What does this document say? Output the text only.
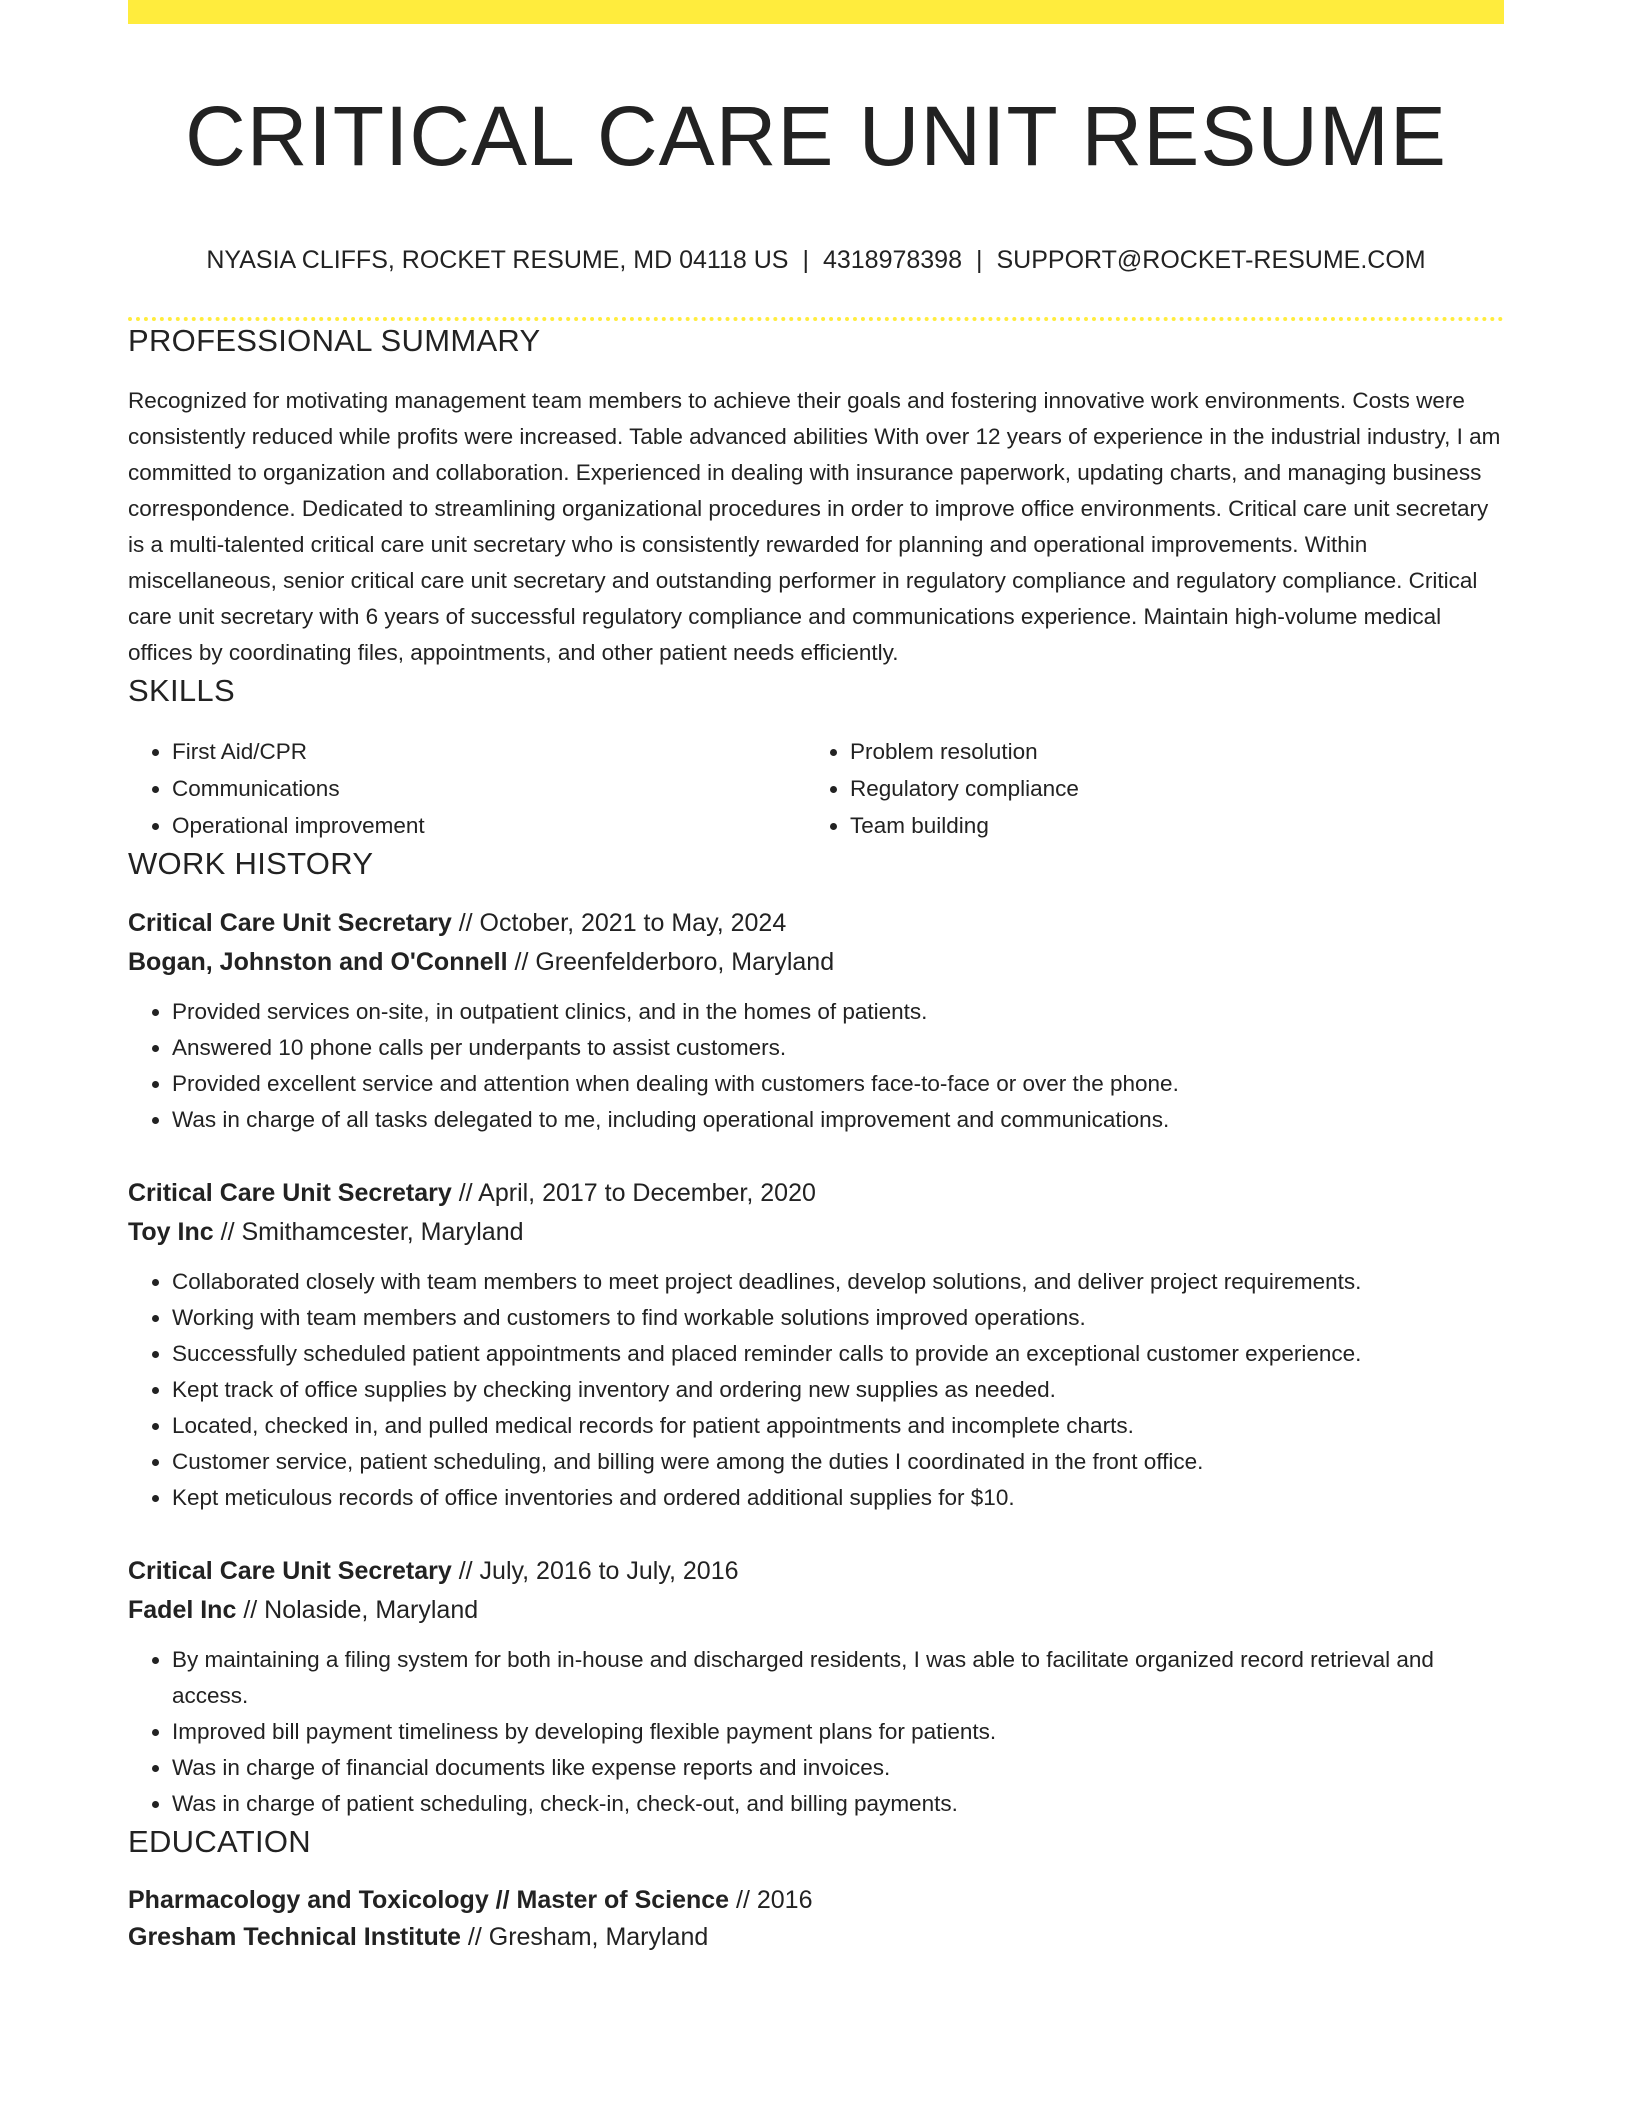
CRITICAL CARE UNIT RESUME
NYASIA CLIFFS, ROCKET RESUME, MD 04118 US | 4318978398 | SUPPORT@ROCKET-RESUME.COM
PROFESSIONAL SUMMARY
Recognized for motivating management team members to achieve their goals and fostering innovative work environments. Costs were consistently reduced while profits were increased. Table advanced abilities With over 12 years of experience in the industrial industry, I am committed to organization and collaboration. Experienced in dealing with insurance paperwork, updating charts, and managing business correspondence. Dedicated to streamlining organizational procedures in order to improve office environments. Critical care unit secretary is a multi-talented critical care unit secretary who is consistently rewarded for planning and operational improvements. Within miscellaneous, senior critical care unit secretary and outstanding performer in regulatory compliance and regulatory compliance. Critical care unit secretary with 6 years of successful regulatory compliance and communications experience. Maintain high-volume medical offices by coordinating files, appointments, and other patient needs efficiently.
SKILLS
• First Aid/CPR
• Communications
• Operational improvement
• Problem resolution
• Regulatory compliance
• Team building
WORK HISTORY
Critical Care Unit Secretary // October, 2021 to May, 2024
Bogan, Johnston and O'Connell // Greenfelderboro, Maryland
• Provided services on-site, in outpatient clinics, and in the homes of patients.
• Answered 10 phone calls per underpants to assist customers.
• Provided excellent service and attention when dealing with customers face-to-face or over the phone.
• Was in charge of all tasks delegated to me, including operational improvement and communications.
Critical Care Unit Secretary // April, 2017 to December, 2020
Toy Inc // Smithamcester, Maryland
• Collaborated closely with team members to meet project deadlines, develop solutions, and deliver project requirements.
• Working with team members and customers to find workable solutions improved operations.
• Successfully scheduled patient appointments and placed reminder calls to provide an exceptional customer experience.
• Kept track of office supplies by checking inventory and ordering new supplies as needed.
• Located, checked in, and pulled medical records for patient appointments and incomplete charts.
• Customer service, patient scheduling, and billing were among the duties I coordinated in the front office.
• Kept meticulous records of office inventories and ordered additional supplies for $10.
Critical Care Unit Secretary // July, 2016 to July, 2016
Fadel Inc // Nolaside, Maryland
• By maintaining a filing system for both in-house and discharged residents, I was able to facilitate organized record retrieval and access.
• Improved bill payment timeliness by developing flexible payment plans for patients.
• Was in charge of financial documents like expense reports and invoices.
• Was in charge of patient scheduling, check-in, check-out, and billing payments.
EDUCATION
Pharmacology and Toxicology // Master of Science // 2016
Gresham Technical Institute // Gresham, Maryland
